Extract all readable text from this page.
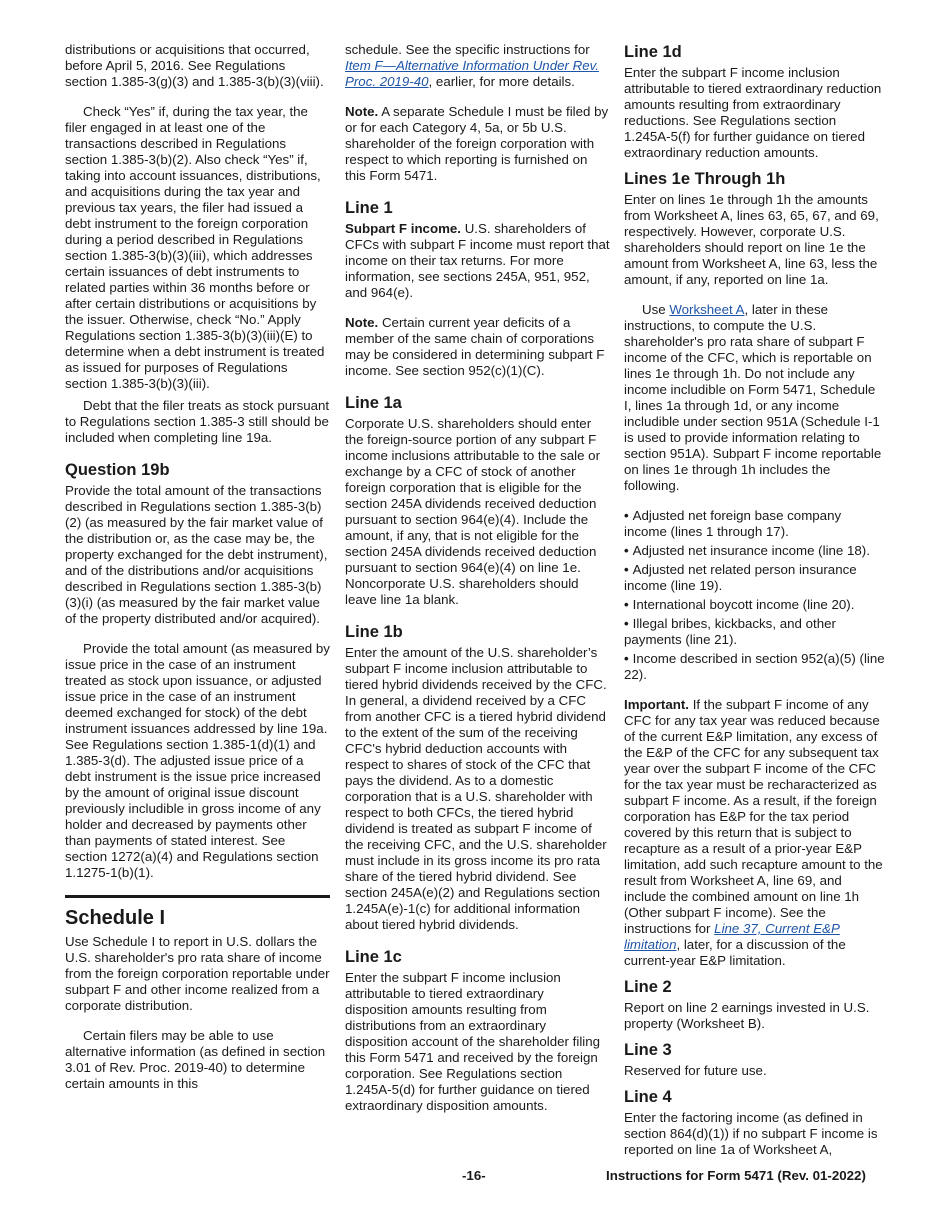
distributions or acquisitions that occurred, before April 5, 2016. See Regulations section 1.385-3(g)(3) and 1.385-3(b)(3)(viii).

Check “Yes” if, during the tax year, the filer engaged in at least one of the transactions described in Regulations section 1.385-3(b)(2). Also check “Yes” if, taking into account issuances, distributions, and acquisitions during the tax year and previous tax years, the filer had issued a debt instrument to the foreign corporation during a period described in Regulations section 1.385-3(b)(3)(iii), which addresses certain issuances of debt instruments to related parties within 36 months before or after certain distributions or acquisitions by the issuer. Otherwise, check “No.” Apply Regulations section 1.385-3(b)(3)(iii)(E) to determine when a debt instrument is treated as issued for purposes of Regulations section 1.385-3(b)(3)(iii).

Debt that the filer treats as stock pursuant to Regulations section 1.385-3 still should be included when completing line 19a.

Question 19b

Provide the total amount of the transactions described in Regulations section 1.385-3(b)(2) (as measured by the fair market value of the distribution or, as the case may be, the property exchanged for the debt instrument), and of the distributions and/or acquisitions described in Regulations section 1.385-3(b)(3)(i) (as measured by the fair market value of the property distributed and/or acquired).

Provide the total amount (as measured by issue price in the case of an instrument treated as stock upon issuance, or adjusted issue price in the case of an instrument deemed exchanged for stock) of the debt instrument issuances addressed by line 19a. See Regulations section 1.385-1(d)(1) and 1.385-3(d). The adjusted issue price of a debt instrument is the issue price increased by the amount of original issue discount previously includible in gross income of any holder and decreased by payments other than payments of stated interest. See section 1272(a)(4) and Regulations section 1.1275-1(b)(1).

Schedule I

Use Schedule I to report in U.S. dollars the U.S. shareholder's pro rata share of income from the foreign corporation reportable under subpart F and other income realized from a corporate distribution.

Certain filers may be able to use alternative information (as defined in section 3.01 of Rev. Proc. 2019-40) to determine certain amounts in this

schedule. See the specific instructions for Item F—Alternative Information Under Rev. Proc. 2019-40, earlier, for more details.

Note. A separate Schedule I must be filed by or for each Category 4, 5a, or 5b U.S. shareholder of the foreign corporation with respect to which reporting is furnished on this Form 5471.

Line 1

Subpart F income. U.S. shareholders of CFCs with subpart F income must report that income on their tax returns. For more information, see sections 245A, 951, 952, and 964(e).

Note. Certain current year deficits of a member of the same chain of corporations may be considered in determining subpart F income. See section 952(c)(1)(C).

Line 1a

Corporate U.S. shareholders should enter the foreign-source portion of any subpart F income inclusions attributable to the sale or exchange by a CFC of stock of another foreign corporation that is eligible for the section 245A dividends received deduction pursuant to section 964(e)(4). Include the amount, if any, that is not eligible for the section 245A dividends received deduction pursuant to section 964(e)(4) on line 1e. Noncorporate U.S. shareholders should leave line 1a blank.

Line 1b

Enter the amount of the U.S. shareholder’s subpart F income inclusion attributable to tiered hybrid dividends received by the CFC. In general, a dividend received by a CFC from another CFC is a tiered hybrid dividend to the extent of the sum of the receiving CFC's hybrid deduction accounts with respect to shares of stock of the CFC that pays the dividend. As to a domestic corporation that is a U.S. shareholder with respect to both CFCs, the tiered hybrid dividend is treated as subpart F income of the receiving CFC, and the U.S. shareholder must include in its gross income its pro rata share of the tiered hybrid dividend. See section 245A(e)(2) and Regulations section 1.245A(e)-1(c) for additional information about tiered hybrid dividends.

Line 1c

Enter the subpart F income inclusion attributable to tiered extraordinary disposition amounts resulting from distributions from an extraordinary disposition account of the shareholder filing this Form 5471 and received by the foreign corporation. See Regulations section 1.245A-5(d) for further guidance on tiered extraordinary disposition amounts.

Line 1d

Enter the subpart F income inclusion attributable to tiered extraordinary reduction amounts resulting from extraordinary reductions. See Regulations section 1.245A-5(f) for further guidance on tiered extraordinary reduction amounts.

Lines 1e Through 1h

Enter on lines 1e through 1h the amounts from Worksheet A, lines 63, 65, 67, and 69, respectively. However, corporate U.S. shareholders should report on line 1e the amount from Worksheet A, line 63, less the amount, if any, reported on line 1a.

Use Worksheet A, later in these instructions, to compute the U.S. shareholder's pro rata share of subpart F income of the CFC, which is reportable on lines 1e through 1h. Do not include any income includible on Form 5471, Schedule I, lines 1a through 1d, or any income includible under section 951A (Schedule I-1 is used to provide information relating to section 951A). Subpart F income reportable on lines 1e through 1h includes the following.

• Adjusted net foreign base company income (lines 1 through 17).
• Adjusted net insurance income (line 18).
• Adjusted net related person insurance income (line 19).
• International boycott income (line 20).
• Illegal bribes, kickbacks, and other payments (line 21).
• Income described in section 952(a)(5) (line 22).

Important. If the subpart F income of any CFC for any tax year was reduced because of the current E&P limitation, any excess of the E&P of the CFC for any subsequent tax year over the subpart F income of the CFC for the tax year must be recharacterized as subpart F income. As a result, if the foreign corporation has E&P for the tax period covered by this return that is subject to recapture as a result of a prior-year E&P limitation, add such recapture amount to the result from Worksheet A, line 69, and include the combined amount on line 1h (Other subpart F income). See the instructions for Line 37, Current E&P limitation, later, for a discussion of the current-year E&P limitation.

Line 2

Report on line 2 earnings invested in U.S. property (Worksheet B).

Line 3

Reserved for future use.

Line 4

Enter the factoring income (as defined in section 864(d)(1)) if no subpart F income is reported on line 1a of Worksheet A,

-16-	Instructions for Form 5471 (Rev. 01-2022)
